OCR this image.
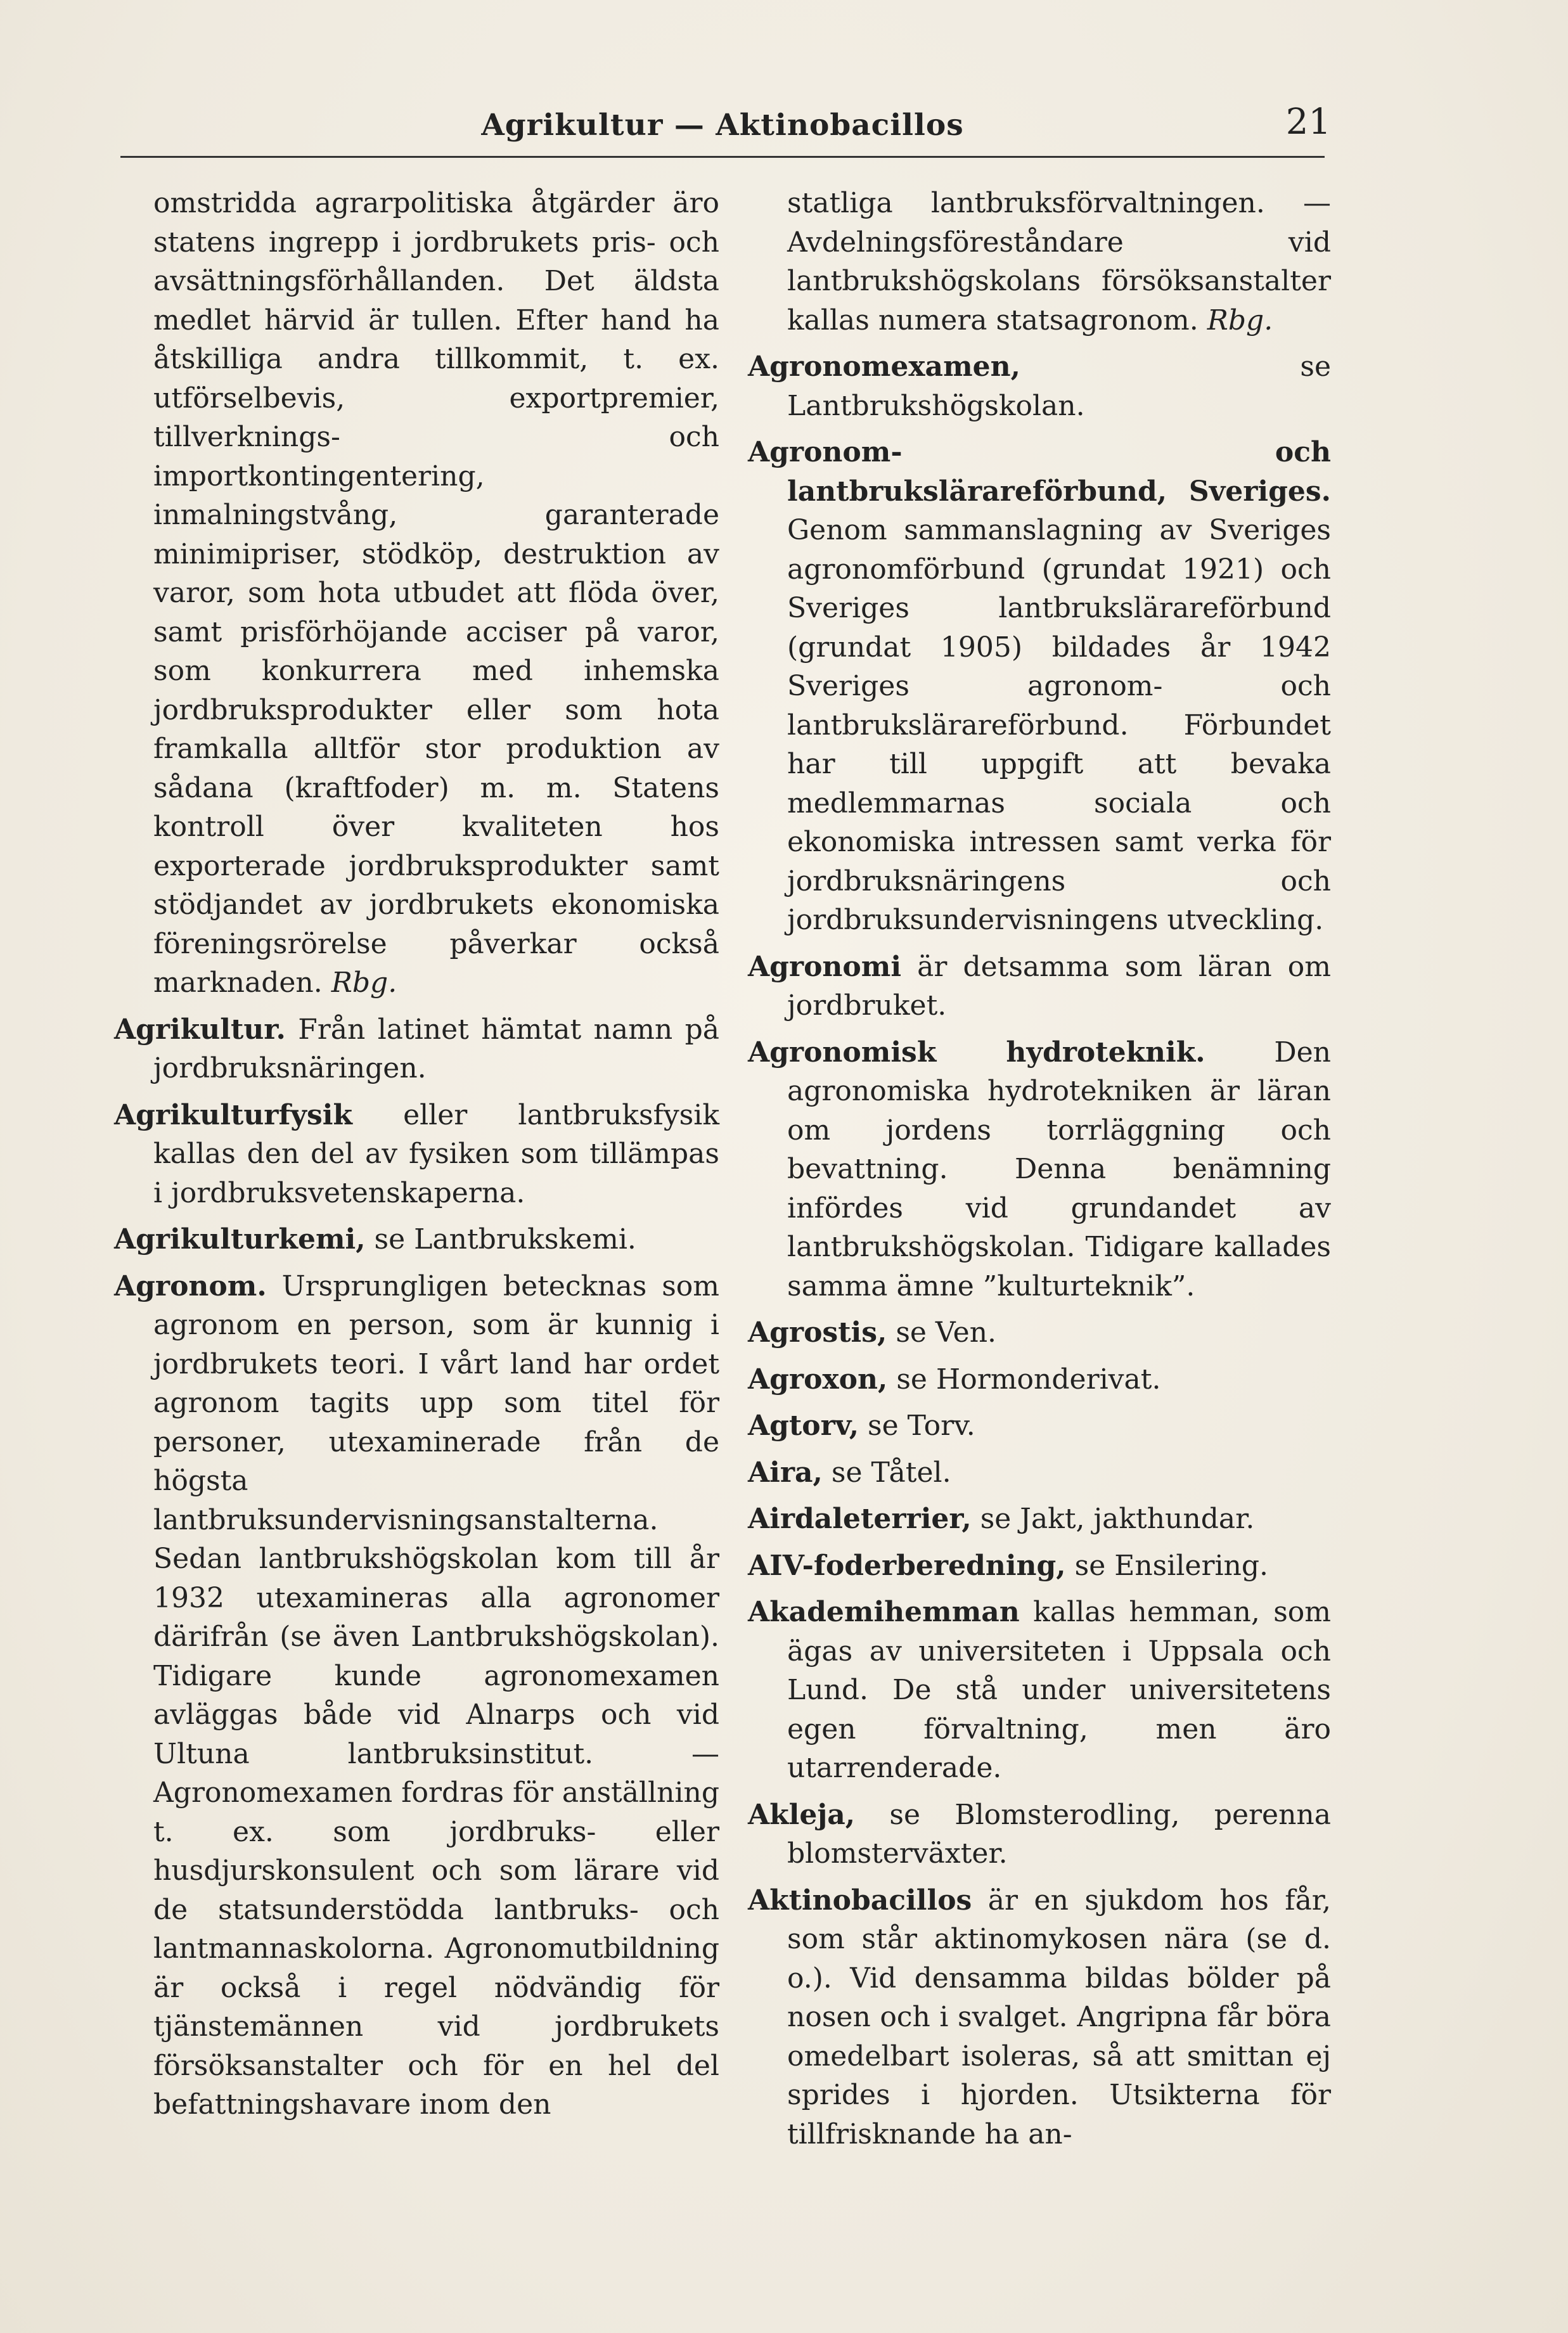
Agrikultur — Aktinobacillos	21

omstridda agrarpolitiska åtgärder äro statens ingrepp i jordbrukets pris- och avsättningsförhållanden. Det äldsta medlet härvid är tullen. Efter hand ha åtskilliga andra tillkommit, t. ex. utförselbevis, exportpremier, tillverknings- och importkontingentering, inmalningstvång, garanterade minimipriser, stödköp, destruktion av varor, som hota utbudet att flöda över, samt prisförhöjande acciser på varor, som konkurrera med inhemska jordbruksprodukter eller som hota framkalla alltför stor produktion av sådana (kraftfoder) m. m. Statens kontroll över kvaliteten hos exporterade jordbruksprodukter samt stödjandet av jordbrukets ekonomiska föreningsrörelse påverkar också marknaden. Rbg.

Agrikultur. Från latinet hämtat namn på jordbruksnäringen.

Agrikulturfysik eller lantbruksfysik kallas den del av fysiken som tillämpas i jordbruksvetenskaperna.

Agrikulturkemi, se Lantbrukskemi.

Agronom. Ursprungligen betecknas som agronom en person, som är kunnig i jordbrukets teori. I vårt land har ordet agronom tagits upp som titel för personer, utexaminerade från de högsta lantbruksundervisningsanstalterna. Sedan lantbrukshögskolan kom till år 1932 utexamineras alla agronomer därifrån (se även Lantbrukshögskolan). Tidigare kunde agronomexamen avläggas både vid Alnarps och vid Ultuna lantbruksinstitut. — Agronomexamen fordras för anställning t. ex. som jordbruks- eller husdjurskonsulent och som lärare vid de statsunderstödda lantbruks- och lantmannaskolorna. Agronomutbildning är också i regel nödvändig för tjänstemännen vid jordbrukets försöksanstalter och för en hel del befattningshavare inom den

statliga lantbruksförvaltningen. — Avdelningsföreståndare vid lantbrukshögskolans försöksanstalter kallas numera statsagronom. Rbg.

Agronomexamen, se Lantbrukshögskolan.

Agronom- och lantbrukslärareförbund, Sveriges. Genom sammanslagning av Sveriges agronomförbund (grundat 1921) och Sveriges lantbrukslärareförbund (grundat 1905) bildades år 1942 Sveriges agronom- och lantbrukslärareförbund. Förbundet har till uppgift att bevaka medlemmarnas sociala och ekonomiska intressen samt verka för jordbruksnäringens och jordbruksundervisningens utveckling.

Agronomi är detsamma som läran om jordbruket.

Agronomisk hydroteknik. Den agronomiska hydrotekniken är läran om jordens torrläggning och bevattning. Denna benämning infördes vid grundandet av lantbrukshögskolan. Tidigare kallades samma ämne ”kulturteknik”.

Agrostis, se Ven.

Agroxon, se Hormonderivat.

Agtorv, se Torv.

Aira, se Tåtel.

Airdaleterrier, se Jakt, jakthundar.

AIV-foderberedning, se Ensilering.

Akademihemman kallas hemman, som ägas av universiteten i Uppsala och Lund. De stå under universitetens egen förvaltning, men äro utarrenderade.

Akleja, se Blomsterodling, perenna blomsterväxter.

Aktinobacillos är en sjukdom hos får, som står aktinomykosen nära (se d. o.). Vid densamma bildas bölder på nosen och i svalget. Angripna får böra omedelbart isoleras, så att smittan ej sprides i hjorden. Utsikterna för tillfrisknande ha an-
